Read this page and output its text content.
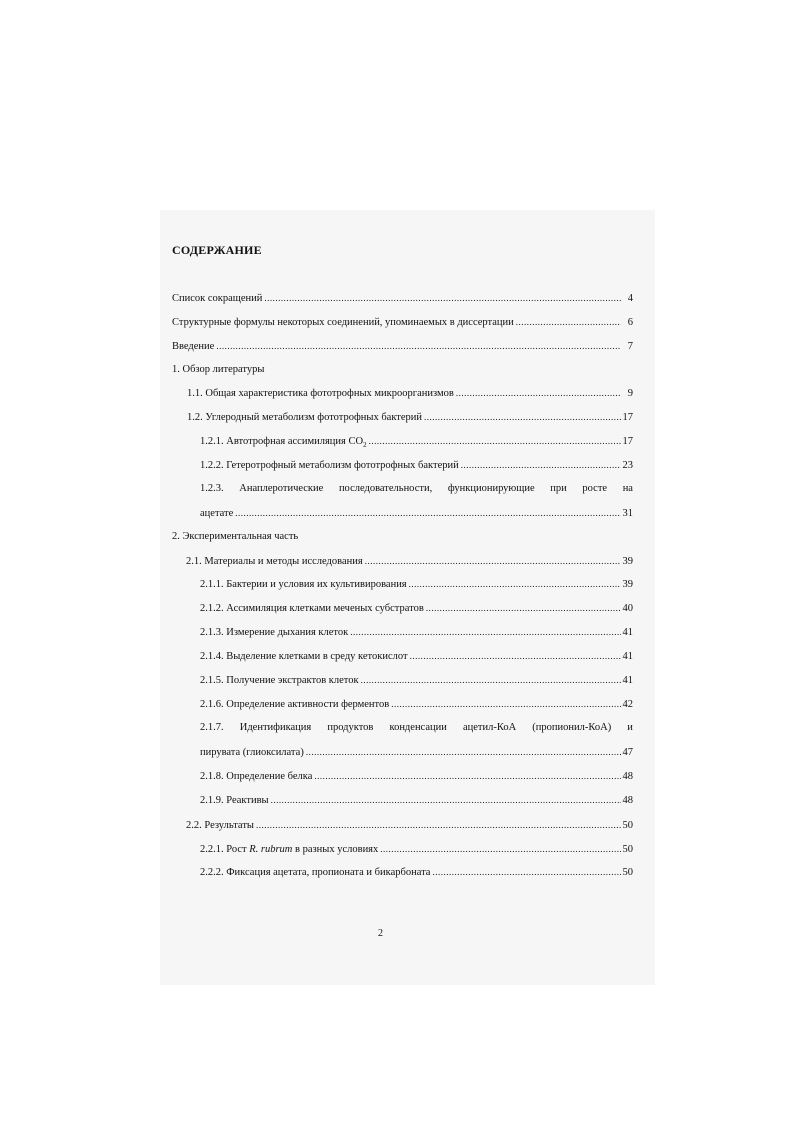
СОДЕРЖАНИЕ
Список сокращений .....	4
Структурные формулы некоторых соединений, упоминаемых в диссертации .....	6
Введение .....	7
1. Обзор литературы
1.1. Общая характеристика фототрофных микроорганизмов .....	9
1.2. Углеродный метаболизм фототрофных бактерий .....	17
1.2.1. Автотрофная ассимиляция $CO_2$ .....	17
1.2.2. Гетеротрофный метаболизм фототрофных бактерий .....	23
1.2.3. Анаплеротические последовательности, функционирующие при росте на
ацетате .....	31
2. Экспериментальная часть
2.1. Материалы и методы исследования .....	39
2.1.1. Бактерии и условия их культивирования .....	39
2.1.2. Ассимиляция клетками меченых субстратов .....	40
2.1.3. Измерение дыхания клеток .....	41
2.1.4. Выделение клетками в среду кетокислот .....	41
2.1.5. Получение экстрактов клеток .....	41
2.1.6. Определение активности ферментов .....	42
2.1.7. Идентификация продуктов конденсации ацетил-КоА (пропионил-КоА) и
пирувата (глиоксилата) .....	47
2.1.8. Определение белка .....	48
2.1.9. Реактивы .....	48
2.2. Результаты .....	50
2.2.1. Рост R. rubrum в разных условиях .....	50
2.2.2. Фиксация ацетата, пропионата и бикарбоната .....	50
2
